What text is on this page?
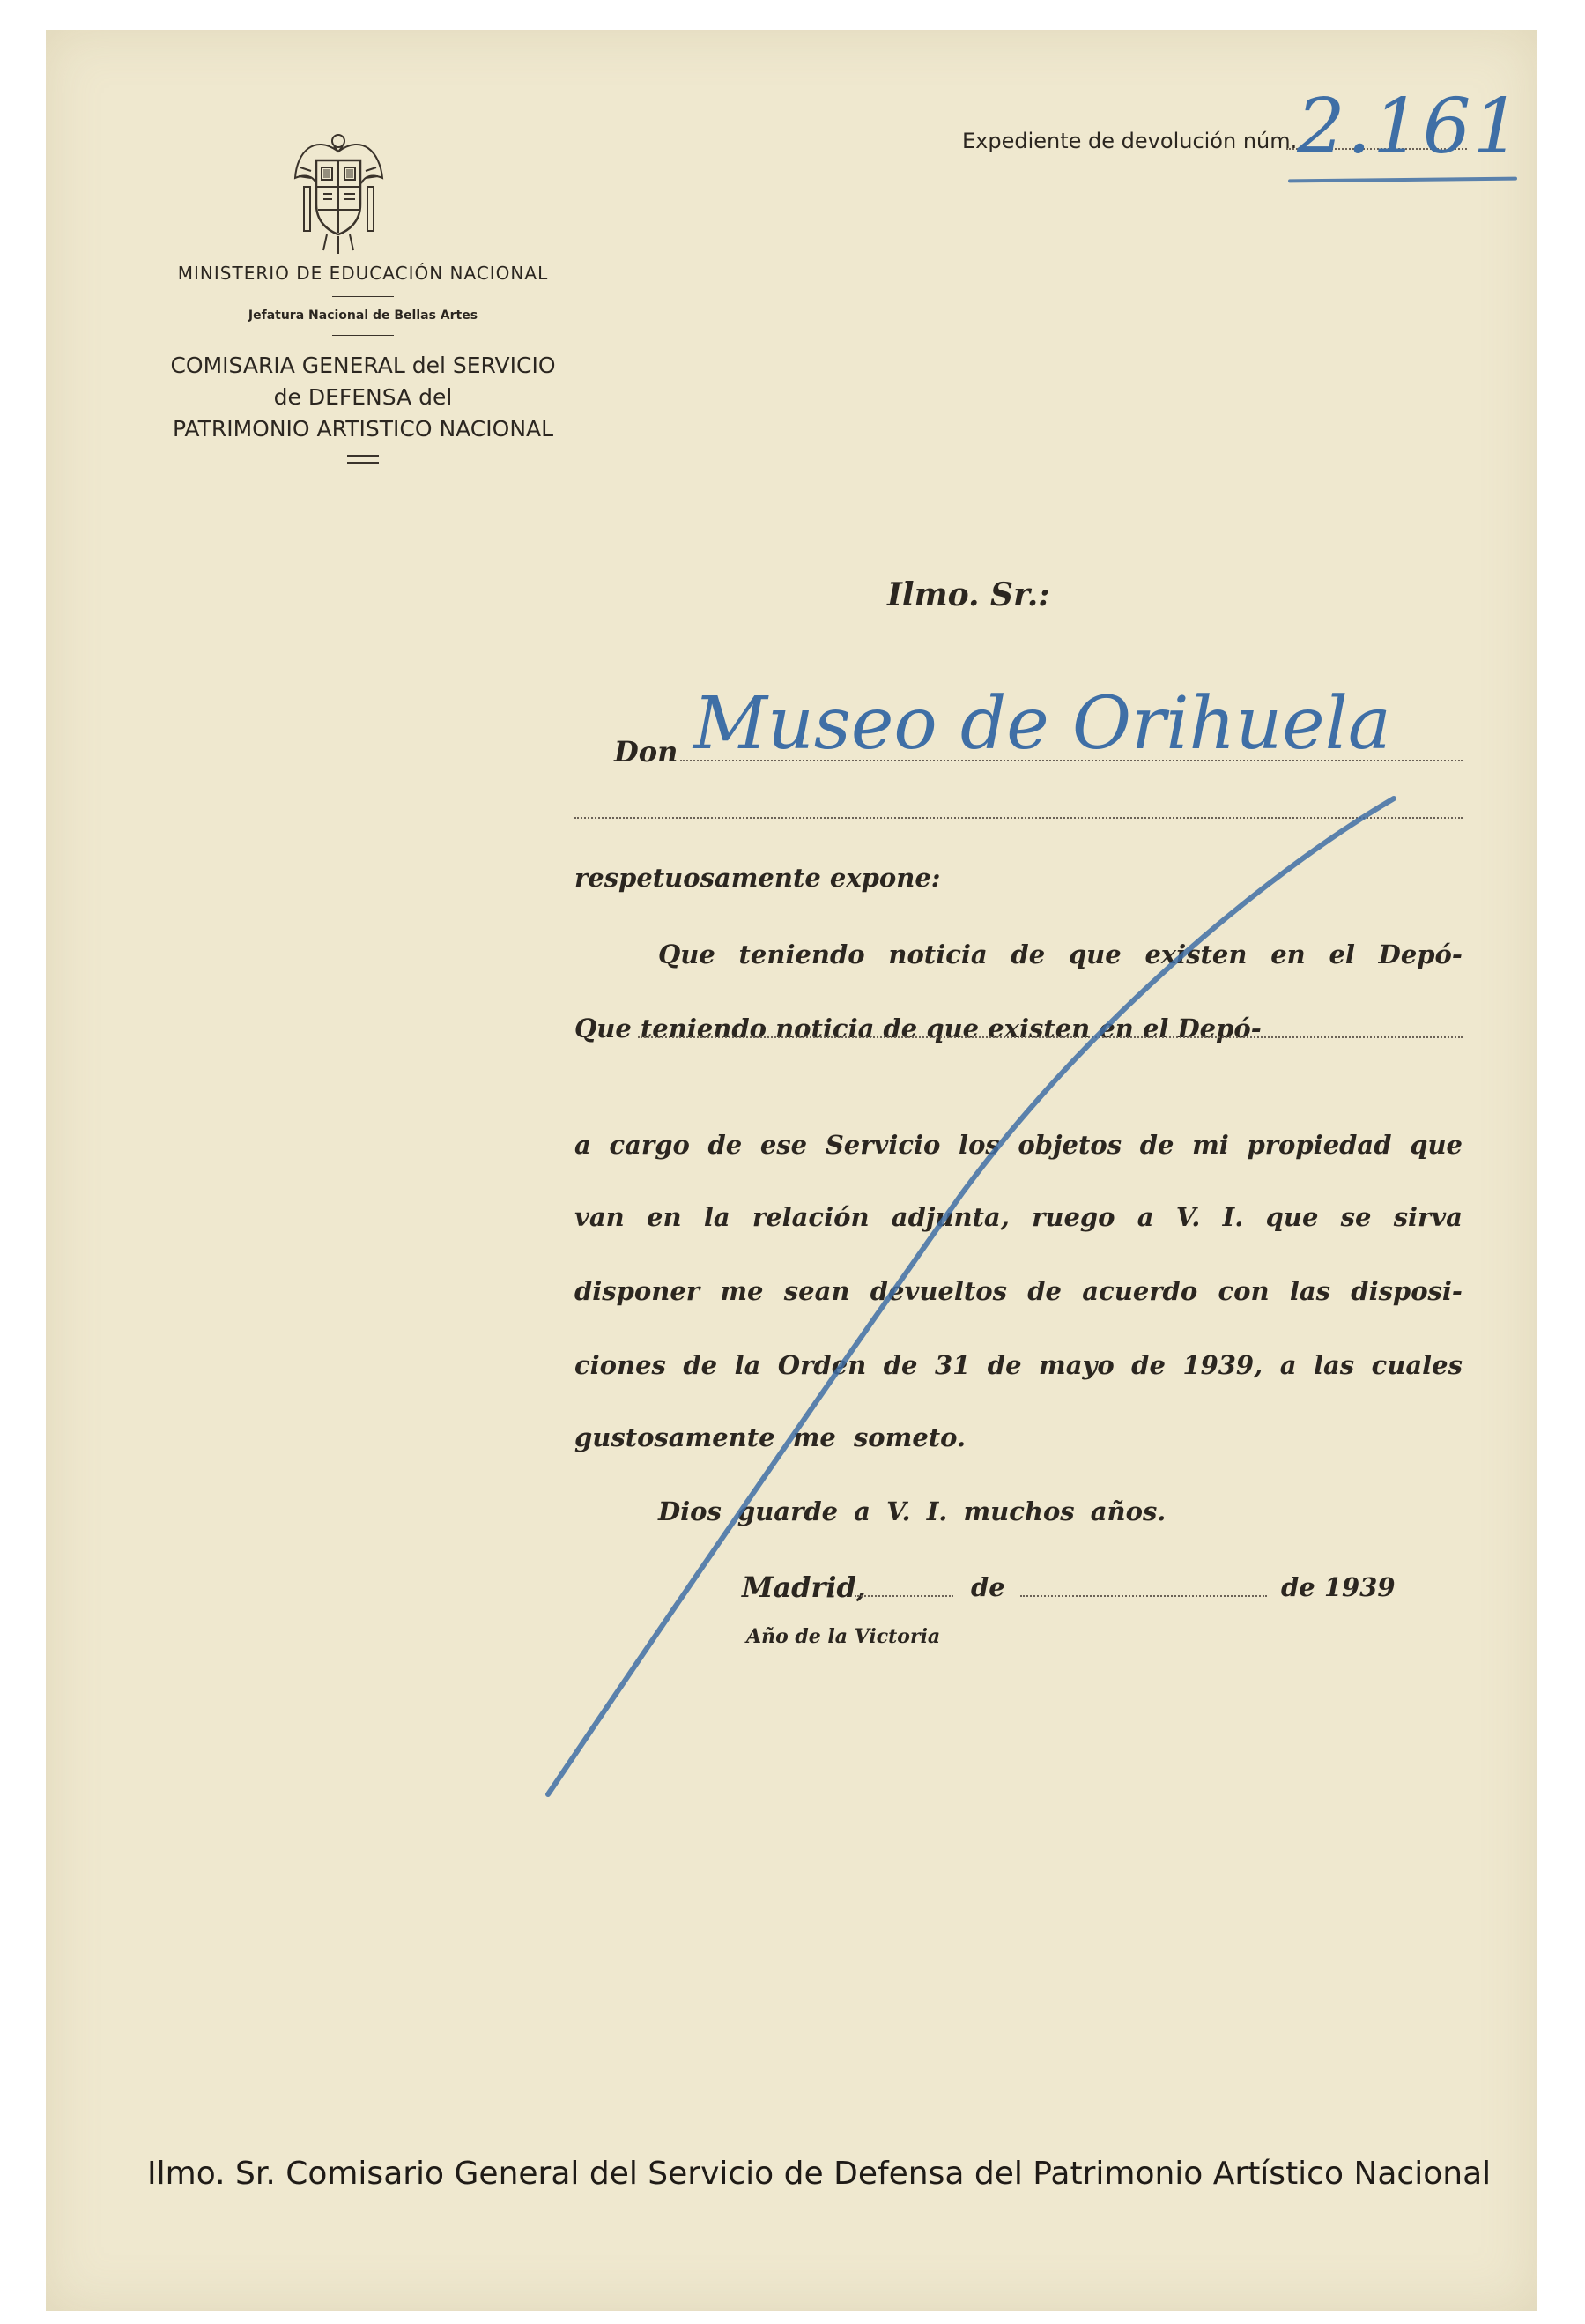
Expediente de devolución núm. 2.161
MINISTERIO DE EDUCACIÓN NACIONAL
Jefatura Nacional de Bellas Artes
COMISARIA GENERAL del SERVICIO
de DEFENSA del
PATRIMONIO ARTISTICO NACIONAL
Ilmo. Sr.:
Don Museo de Orihuela
respetuosamente expone:
Que teniendo noticia de que existen en el Depó-
Que teniendo noticia de que existen en el Depó-
a cargo de ese Servicio los objetos de mi propiedad que
van en la relación adjunta, ruego a V. I. que se sirva
disponer me sean devueltos de acuerdo con las disposi-
ciones de la Orden de 31 de mayo de 1939, a las cuales
gustosamente me someto.
Dios guarde a V. I. muchos años.
Madrid,	de	de 1939
Año de la Victoria
Ilmo. Sr. Comisario General del Servicio de Defensa del Patrimonio Artístico Nacional
